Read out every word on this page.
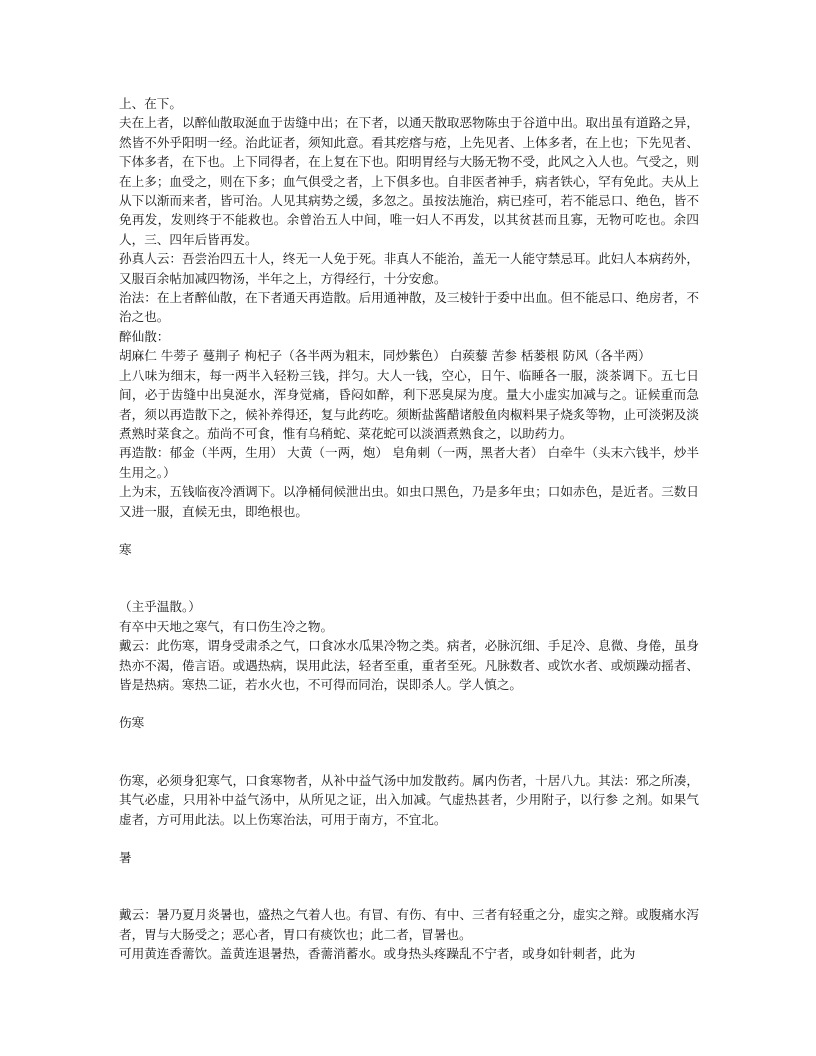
上、在下。

夫在上者，以醉仙散取涎血于齿缝中出；在下者，以通天散取恶物陈虫于谷道中出。取出虽有道路之异，然皆不外乎阳明一经。治此证者，须知此意。看其疙瘩与疮，上先见者、上体多者，在上也；下先见者、下体多者，在下也。上下同得者，在上复在下也。阳明胃经与大肠无物不受，此风之入人也。气受之，则在上多；血受之，则在下多；血气俱受之者，上下俱多也。自非医者神手，病者铁心，罕有免此。夫从上从下以渐而来者，皆可治。人见其病势之缓，多忽之。虽按法施治，病已痊可，若不能忌口、绝色，皆不免再发，发则终于不能救也。余曾治五人中间，唯一妇人不再发，以其贫甚而且寡，无物可吃也。余四人，三、四年后皆再发。

孙真人云：吾尝治四五十人，终无一人免于死。非真人不能治，盖无一人能守禁忌耳。此妇人本病药外，又服百余帖加减四物汤，半年之上，方得经行，十分安愈。

治法：在上者醉仙散，在下者通天再造散。后用通神散，及三棱针于委中出血。但不能忌口、绝房者，不治之也。

醉仙散：

胡麻仁 牛蒡子 蔓荆子 枸杞子（各半两为粗末，同炒紫色） 白蒺藜 苦参 栝蒌根 防风（各半两）

上八味为细末，每一两半入轻粉三钱，拌匀。大人一钱，空心，日午、临睡各一服，淡茶调下。五七日间，必于齿缝中出臭涎水，浑身觉痛，昏闷如醉，利下恶臭屎为度。量大小虚实加减与之。证候重而急者，须以再造散下之，候补养得还，复与此药吃。须断盐酱醋诸般鱼肉椒料果子烧炙等物，止可淡粥及淡煮熟时菜食之。茄尚不可食，惟有乌稍蛇、菜花蛇可以淡酒煮熟食之，以助药力。

再造散：郁金（半两，生用） 大黄（一两，炮） 皂角刺（一两，黑者大者） 白牵牛（头末六钱半，炒半生用之。）

上为末，五钱临夜冷酒调下。以净桶伺候泄出虫。如虫口黑色，乃是多年虫；口如赤色，是近者。三数日又进一服，直候无虫，即绝根也。

寒

（主乎温散。）

有卒中天地之寒气，有口伤生冷之物。

戴云：此伤寒，谓身受肃杀之气，口食冰水瓜果冷物之类。病者，必脉沉细、手足冷、息微、身倦，虽身热亦不渴，倦言语。或遇热病，误用此法，轻者至重，重者至死。凡脉数者、或饮水者、或烦躁动摇者、皆是热病。寒热二证，若水火也，不可得而同治，误即杀人。学人慎之。

伤寒

伤寒，必须身犯寒气，口食寒物者，从补中益气汤中加发散药。属内伤者，十居八九。其法：邪之所凑，其气必虚，只用补中益气汤中，从所见之证，出入加减。气虚热甚者，少用附子，以行参 之剂。如果气虚者，方可用此法。以上伤寒治法，可用于南方，不宜北。

暑

戴云：暑乃夏月炎暑也，盛热之气着人也。有冒、有伤、有中、三者有轻重之分，虚实之辩。或腹痛水泻者，胃与大肠受之；恶心者，胃口有痰饮也；此二者，冒暑也。

可用黄连香薷饮。盖黄连退暑热，香薷消蓄水。或身热头疼躁乱不宁者，或身如针刺者，此为
